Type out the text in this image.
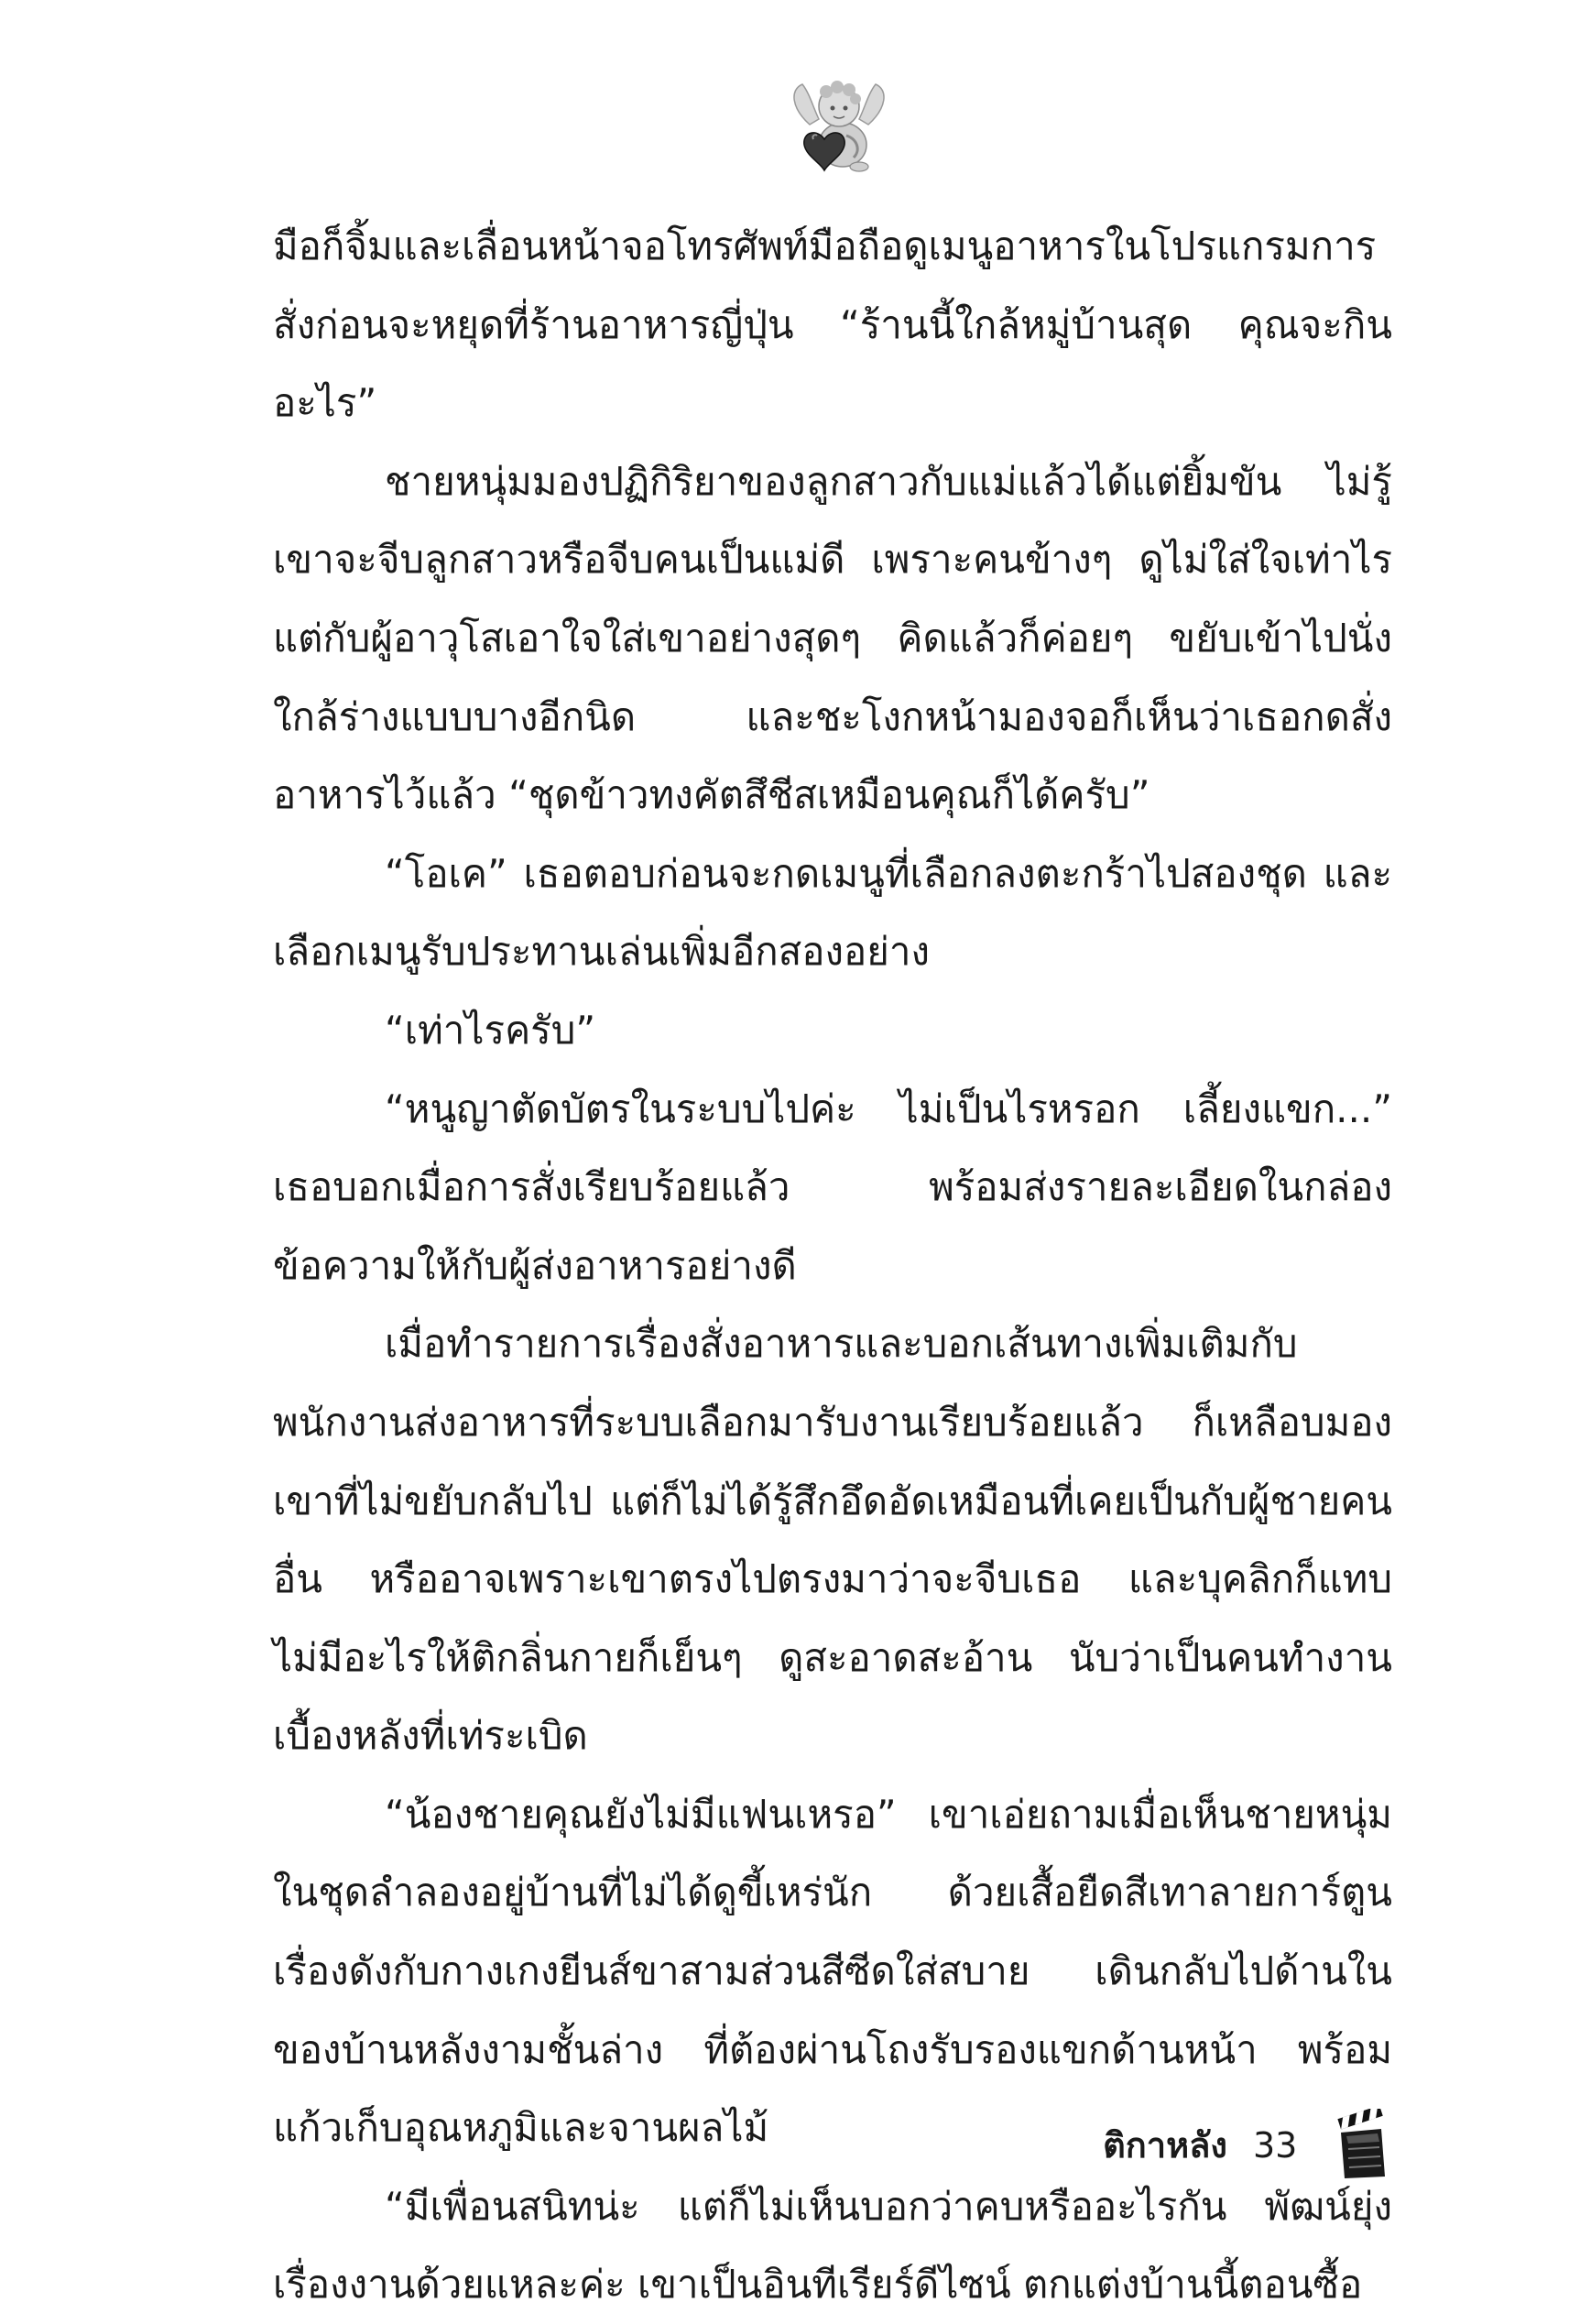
มือก็จิ้มและเลื่อนหน้าจอโทรศัพท์มือถือดูเมนูอาหารในโปรแกรมการสั่งก่อนจะหยุดที่ร้านอาหารญี่ปุ่น “ร้านนี้ใกล้หมู่บ้านสุด คุณจะกินอะไร”

ชายหนุ่มมองปฏิกิริยาของลูกสาวกับแม่แล้วได้แต่ยิ้มขัน ไม่รู้เขาจะจีบลูกสาวหรือจีบคนเป็นแม่ดี เพราะคนข้างๆ ดูไม่ใส่ใจเท่าไรแต่กับผู้อาวุโสเอาใจใส่เขาอย่างสุดๆ คิดแล้วก็ค่อยๆ ขยับเข้าไปนั่งใกล้ร่างแบบบางอีกนิด และชะโงกหน้ามองจอก็เห็นว่าเธอกดสั่งอาหารไว้แล้ว “ชุดข้าวทงคัตสึชีสเหมือนคุณก็ได้ครับ”

“โอเค” เธอตอบก่อนจะกดเมนูที่เลือกลงตะกร้าไปสองชุด และเลือกเมนูรับประทานเล่นเพิ่มอีกสองอย่าง

“เท่าไรครับ”

“หนูญาตัดบัตรในระบบไปค่ะ ไม่เป็นไรหรอก เลี้ยงแขก...” เธอบอกเมื่อการสั่งเรียบร้อยแล้ว พร้อมส่งรายละเอียดในกล่องข้อความให้กับผู้ส่งอาหารอย่างดี

เมื่อทำรายการเรื่องสั่งอาหารและบอกเส้นทางเพิ่มเติมกับพนักงานส่งอาหารที่ระบบเลือกมารับงานเรียบร้อยแล้ว ก็เหลือบมองเขาที่ไม่ขยับกลับไป แต่ก็ไม่ได้รู้สึกอึดอัดเหมือนที่เคยเป็นกับผู้ชายคนอื่น หรืออาจเพราะเขาตรงไปตรงมาว่าจะจีบเธอ และบุคลิกก็แทบไม่มีอะไรให้ติกลิ่นกายก็เย็นๆ ดูสะอาดสะอ้าน นับว่าเป็นคนทำงานเบื้องหลังที่เท่ระเบิด

“น้องชายคุณยังไม่มีแฟนเหรอ” เขาเอ่ยถามเมื่อเห็นชายหนุ่มในชุดลำลองอยู่บ้านที่ไม่ได้ดูขี้เหร่นัก ด้วยเสื้อยืดสีเทาลายการ์ตูนเรื่องดังกับกางเกงยีนส์ขาสามส่วนสีซีดใส่สบาย เดินกลับไปด้านในของบ้านหลังงามชั้นล่าง ที่ต้องผ่านโถงรับรองแขกด้านหน้า พร้อมแก้วเก็บอุณหภูมิและจานผลไม้

“มีเพื่อนสนิทน่ะ แต่ก็ไม่เห็นบอกว่าคบหรืออะไรกัน พัฒน์ยุ่งเรื่องงานด้วยแหละค่ะ เขาเป็นอินทีเรียร์ดีไซน์ ตกแต่งบ้านนี้ตอนซื้อ

ติกาหลัง 33
